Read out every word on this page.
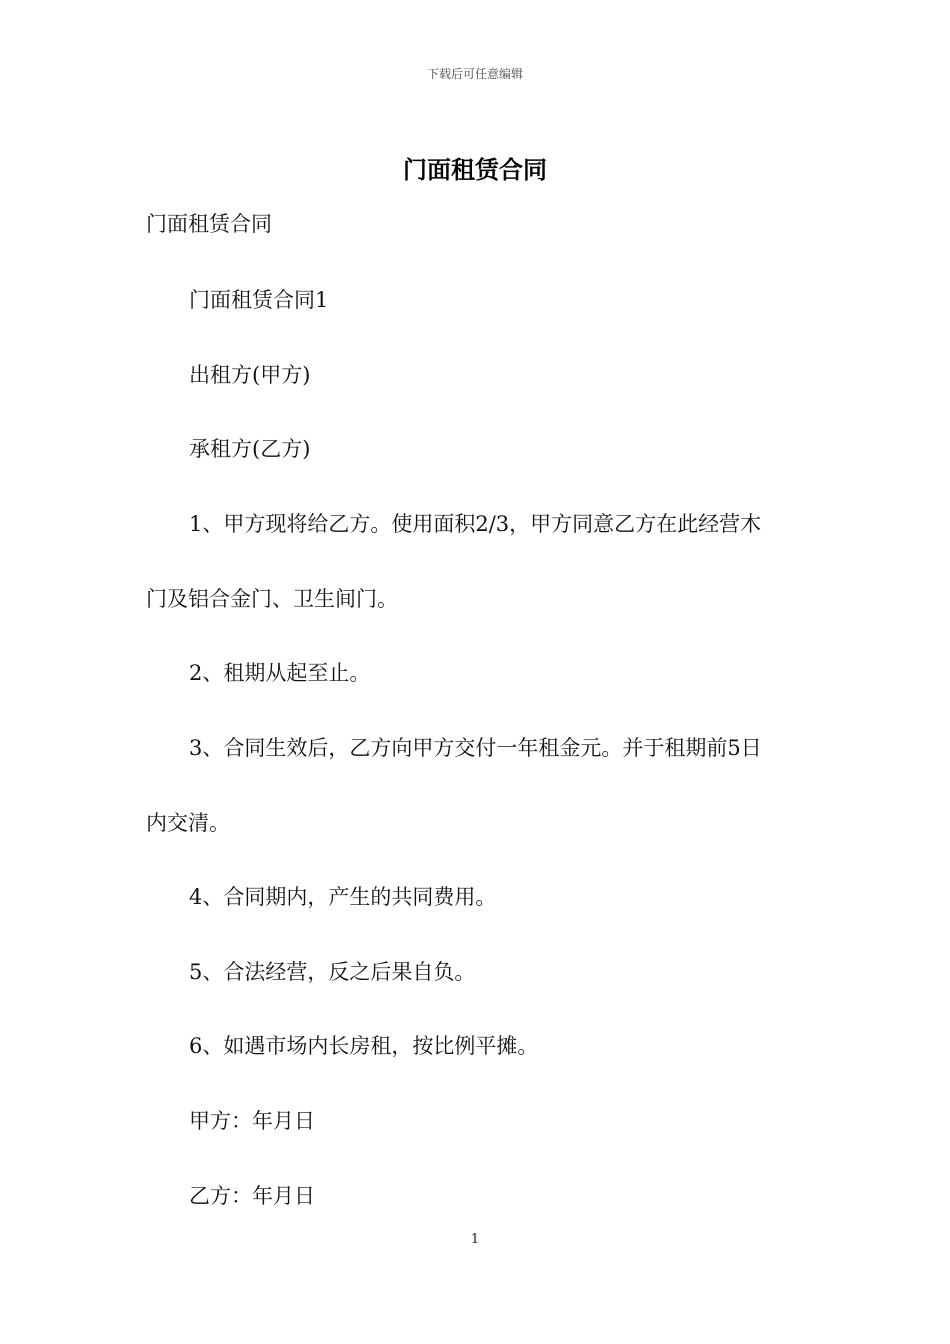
下载后可任意编辑
门面租赁合同
门面租赁合同
门面租赁合同1
出租方(甲方)
承租方(乙方)
1、甲方现将给乙方。使用面积2/3，甲方同意乙方在此经营木
门及铝合金门、卫生间门。
2、租期从起至止。
3、合同生效后，乙方向甲方交付一年租金元。并于租期前5日
内交清。
4、合同期内，产生的共同费用。
5、合法经营，反之后果自负。
6、如遇市场内长房租，按比例平摊。
甲方：年月日
乙方：年月日
1
